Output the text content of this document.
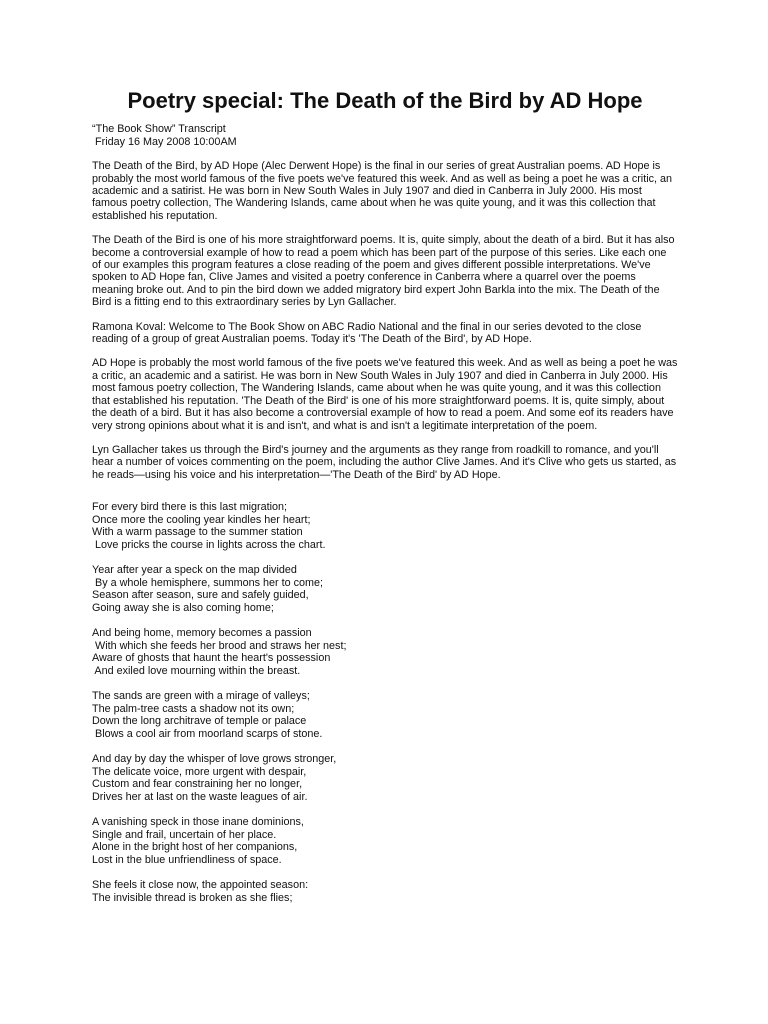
Poetry special: The Death of the Bird by AD Hope
“The Book Show” Transcript
Friday 16 May 2008 10:00AM

The Death of the Bird, by AD Hope (Alec Derwent Hope) is the final in our series of great Australian poems. AD Hope is probably the most world famous of the five poets we've featured this week. And as well as being a poet he was a critic, an academic and a satirist. He was born in New South Wales in July 1907 and died in Canberra in July 2000. His most famous poetry collection, The Wandering Islands, came about when he was quite young, and it was this collection that established his reputation.

The Death of the Bird is one of his more straightforward poems. It is, quite simply, about the death of a bird. But it has also become a controversial example of how to read a poem which has been part of the purpose of this series. Like each one of our examples this program features a close reading of the poem and gives different possible interpretations. We've spoken to AD Hope fan, Clive James and visited a poetry conference in Canberra where a quarrel over the poems meaning broke out. And to pin the bird down we added migratory bird expert John Barkla into the mix. The Death of the Bird is a fitting end to this extraordinary series by Lyn Gallacher.

Ramona Koval: Welcome to The Book Show on ABC Radio National and the final in our series devoted to the close reading of a group of great Australian poems. Today it's 'The Death of the Bird', by AD Hope.

AD Hope is probably the most world famous of the five poets we've featured this week. And as well as being a poet he was a critic, an academic and a satirist. He was born in New South Wales in July 1907 and died in Canberra in July 2000. His most famous poetry collection, The Wandering Islands, came about when he was quite young, and it was this collection that established his reputation. 'The Death of the Bird' is one of his more straightforward poems. It is, quite simply, about the death of a bird. But it has also become a controversial example of how to read a poem. And some eof its readers have very strong opinions about what it is and isn't, and what is and isn't a legitimate interpretation of the poem.

Lyn Gallacher takes us through the Bird's journey and the arguments as they range from roadkill to romance, and you'll hear a number of voices commenting on the poem, including the author Clive James. And it's Clive who gets us started, as he reads—using his voice and his interpretation—'The Death of the Bird' by AD Hope.

For every bird there is this last migration;
Once more the cooling year kindles her heart;
With a warm passage to the summer station
Love pricks the course in lights across the chart.
Year after year a speck on the map divided
By a whole hemisphere, summons her to come;
Season after season, sure and safely guided,
Going away she is also coming home;
And being home, memory becomes a passion
With which she feeds her brood and straws her nest;
Aware of ghosts that haunt the heart's possession
And exiled love mourning within the breast.
The sands are green with a mirage of valleys;
The palm-tree casts a shadow not its own;
Down the long architrave of temple or palace
Blows a cool air from moorland scarps of stone.
And day by day the whisper of love grows stronger,
The delicate voice, more urgent with despair,
Custom and fear constraining her no longer,
Drives her at last on the waste leagues of air.
A vanishing speck in those inane dominions,
Single and frail, uncertain of her place.
Alone in the bright host of her companions,
Lost in the blue unfriendliness of space.
She feels it close now, the appointed season:
The invisible thread is broken as she flies;
